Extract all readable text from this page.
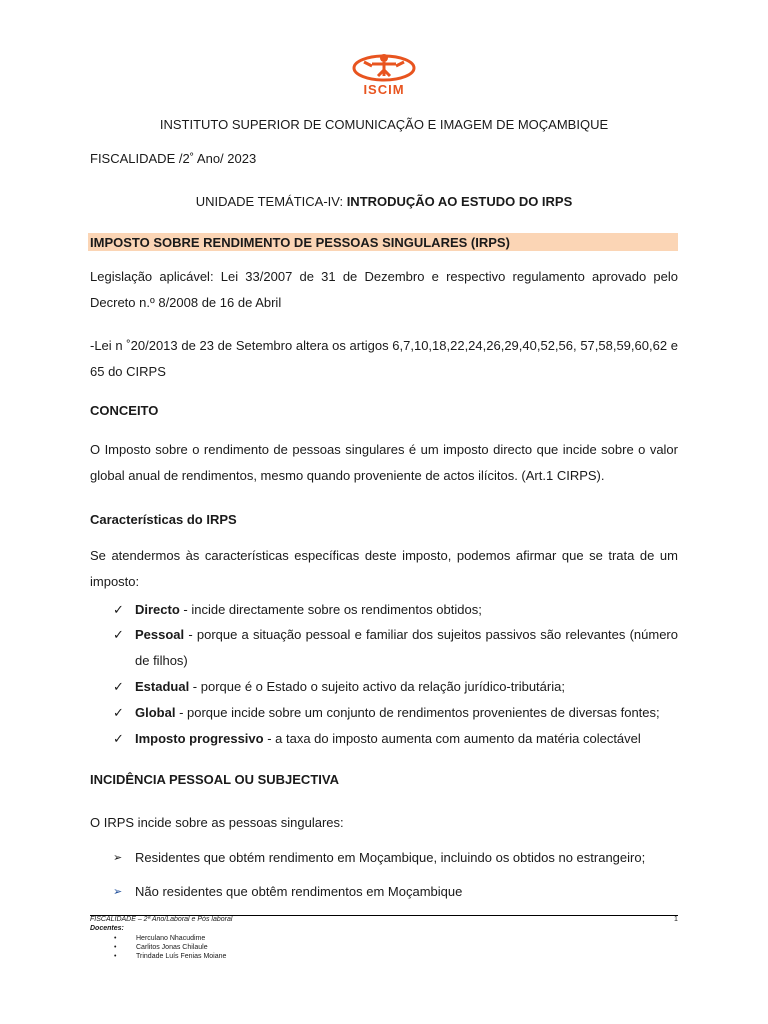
ISCIM
INSTITUTO SUPERIOR DE COMUNICAÇÃO E IMAGEM DE MOÇAMBIQUE
FISCALIDADE /2˚ Ano/ 2023
UNIDADE TEMÁTICA-IV: INTRODUÇÃO AO ESTUDO DO IRPS
IMPOSTO SOBRE RENDIMENTO DE PESSOAS SINGULARES (IRPS)
Legislação aplicável: Lei 33/2007 de 31 de Dezembro e respectivo regulamento aprovado pelo Decreto n.º 8/2008 de 16 de Abril
-Lei n ˚20/2013 de 23 de Setembro altera os artigos 6,7,10,18,22,24,26,29,40,52,56, 57,58,59,60,62 e 65 do CIRPS
CONCEITO
O Imposto sobre o rendimento de pessoas singulares é um imposto directo que incide sobre o valor global anual de rendimentos, mesmo quando proveniente de actos ilícitos. (Art.1 CIRPS).
Características do IRPS
Se atendermos às características específicas deste imposto, podemos afirmar que se trata de um imposto:
✓ Directo - incide directamente sobre os rendimentos obtidos;
✓ Pessoal - porque a situação pessoal e familiar dos sujeitos passivos são relevantes (número de filhos)
✓ Estadual - porque é o Estado o sujeito activo da relação jurídico-tributária;
✓ Global - porque incide sobre um conjunto de rendimentos provenientes de diversas fontes;
✓ Imposto progressivo - a taxa do imposto aumenta com aumento da matéria colectável
INCIDÊNCIA PESSOAL OU SUBJECTIVA
O IRPS incide sobre as pessoas singulares:
➢ Residentes que obtém rendimento em Moçambique, incluindo os obtidos no estrangeiro;
➢ Não residentes que obtêm rendimentos em Moçambique
FISCALIDADE – 2ª Ano/Laboral e Pós laboral	1
Docentes:
•	Herculano Nhacudime
•	Carlitos Jonas Chilaule
•	Trindade Luís Fenias Moiane
